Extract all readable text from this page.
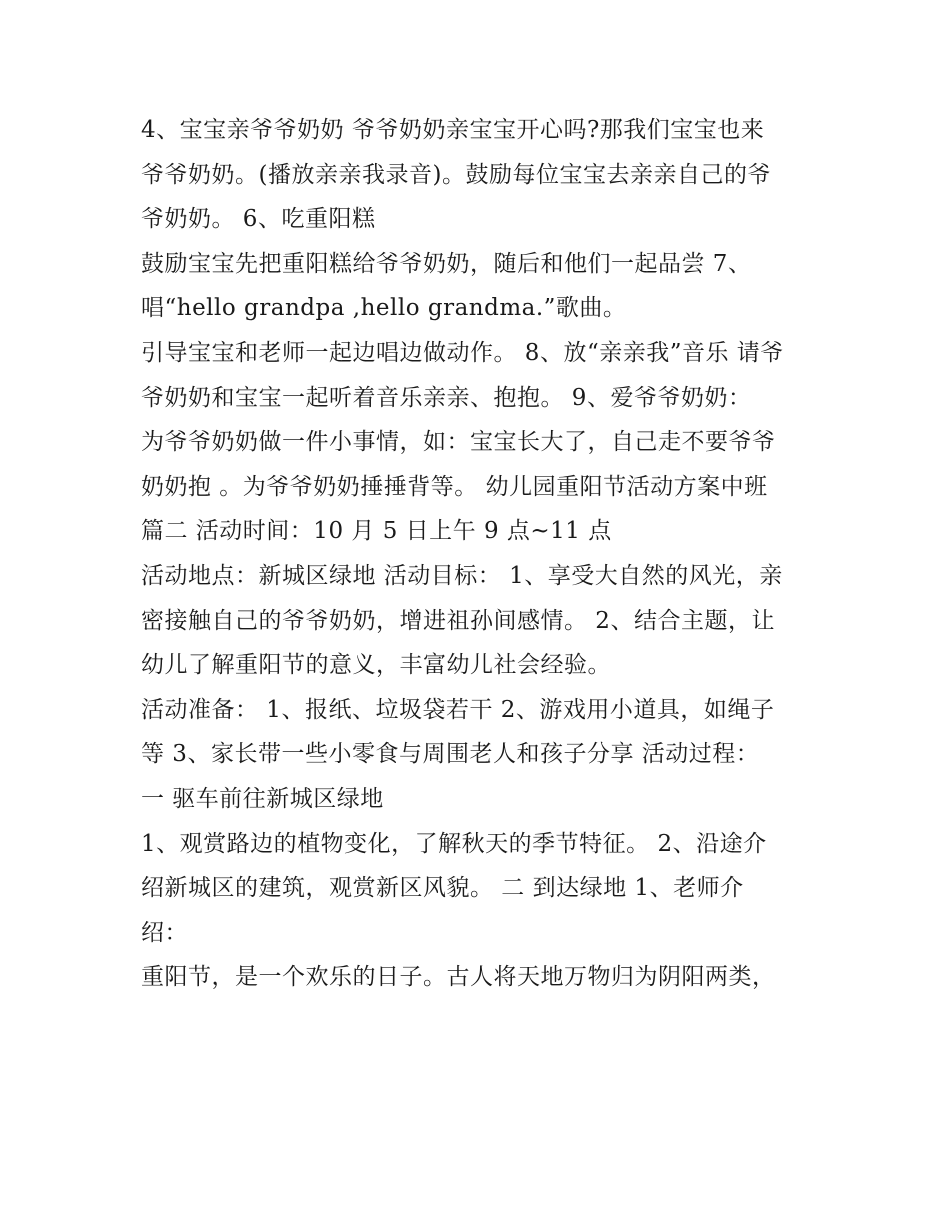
4、宝宝亲爷爷奶奶 爷爷奶奶亲宝宝开心吗?那我们宝宝也来
爷爷奶奶。(播放亲亲我录音)。鼓励每位宝宝去亲亲自己的爷
爷奶奶。 6、吃重阳糕
鼓励宝宝先把重阳糕给爷爷奶奶，随后和他们一起品尝 7、
唱“hello grandpa ,hello grandma.”歌曲。
引导宝宝和老师一起边唱边做动作。 8、放“亲亲我”音乐 请爷
爷奶奶和宝宝一起听着音乐亲亲、抱抱。 9、爱爷爷奶奶：
为爷爷奶奶做一件小事情，如：宝宝长大了，自己走不要爷爷
奶奶抱 。为爷爷奶奶捶捶背等。 幼儿园重阳节活动方案中班
篇二 活动时间：10 月 5 日上午 9 点~11 点
活动地点：新城区绿地 活动目标： 1、享受大自然的风光，亲
密接触自己的爷爷奶奶，增进祖孙间感情。 2、结合主题，让
幼儿了解重阳节的意义，丰富幼儿社会经验。
活动准备： 1、报纸、垃圾袋若干 2、游戏用小道具，如绳子
等 3、家长带一些小零食与周围老人和孩子分享 活动过程：
一 驱车前往新城区绿地
1、观赏路边的植物变化，了解秋天的季节特征。 2、沿途介
绍新城区的建筑，观赏新区风貌。 二 到达绿地 1、老师介
绍：
重阳节，是一个欢乐的日子。古人将天地万物归为阴阳两类，
